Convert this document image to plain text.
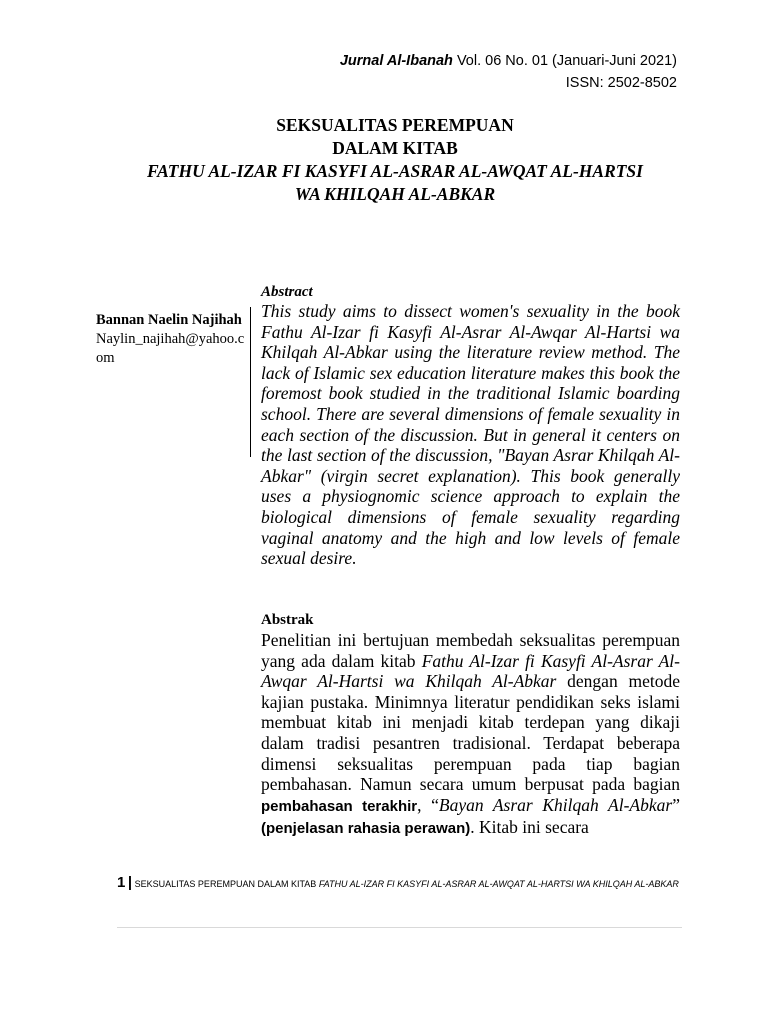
Jurnal Al-Ibanah Vol. 06 No. 01 (Januari-Juni 2021)
ISSN: 2502-8502
SEKSUALITAS PEREMPUAN
DALAM KITAB
FATHU AL-IZAR FI KASYFI AL-ASRAR AL-AWQAT AL-HARTSI
WA KHILQAH AL-ABKAR
Bannan Naelin Najihah
Naylin_najihah@yahoo.com
Abstract
This study aims to dissect women's sexuality in the book Fathu Al-Izar fi Kasyfi Al-Asrar Al-Awqar Al-Hartsi wa Khilqah Al-Abkar using the literature review method. The lack of Islamic sex education literature makes this book the foremost book studied in the traditional Islamic boarding school. There are several dimensions of female sexuality in each section of the discussion. But in general it centers on the last section of the discussion, "Bayan Asrar Khilqah Al-Abkar" (virgin secret explanation). This book generally uses a physiognomic science approach to explain the biological dimensions of female sexuality regarding vaginal anatomy and the high and low levels of female sexual desire.
Abstrak
Penelitian ini bertujuan membedah seksualitas perempuan yang ada dalam kitab Fathu Al-Izar fi Kasyfi Al-Asrar Al-Awqar Al-Hartsi wa Khilqah Al-Abkar dengan metode kajian pustaka. Minimnya literatur pendidikan seks islami membuat kitab ini menjadi kitab terdepan yang dikaji dalam tradisi pesantren tradisional. Terdapat beberapa dimensi seksualitas perempuan pada tiap bagian pembahasan. Namun secara umum berpusat pada bagian pembahasan terakhir, “Bayan Asrar Khilqah Al-Abkar” (penjelasan rahasia perawan). Kitab ini secara
1 | SEKSUALITAS PEREMPUAN DALAM KITAB FATHU AL-IZAR FI KASYFI AL-ASRAR AL-AWQAT AL-HARTSI WA KHILQAH AL-ABKAR
